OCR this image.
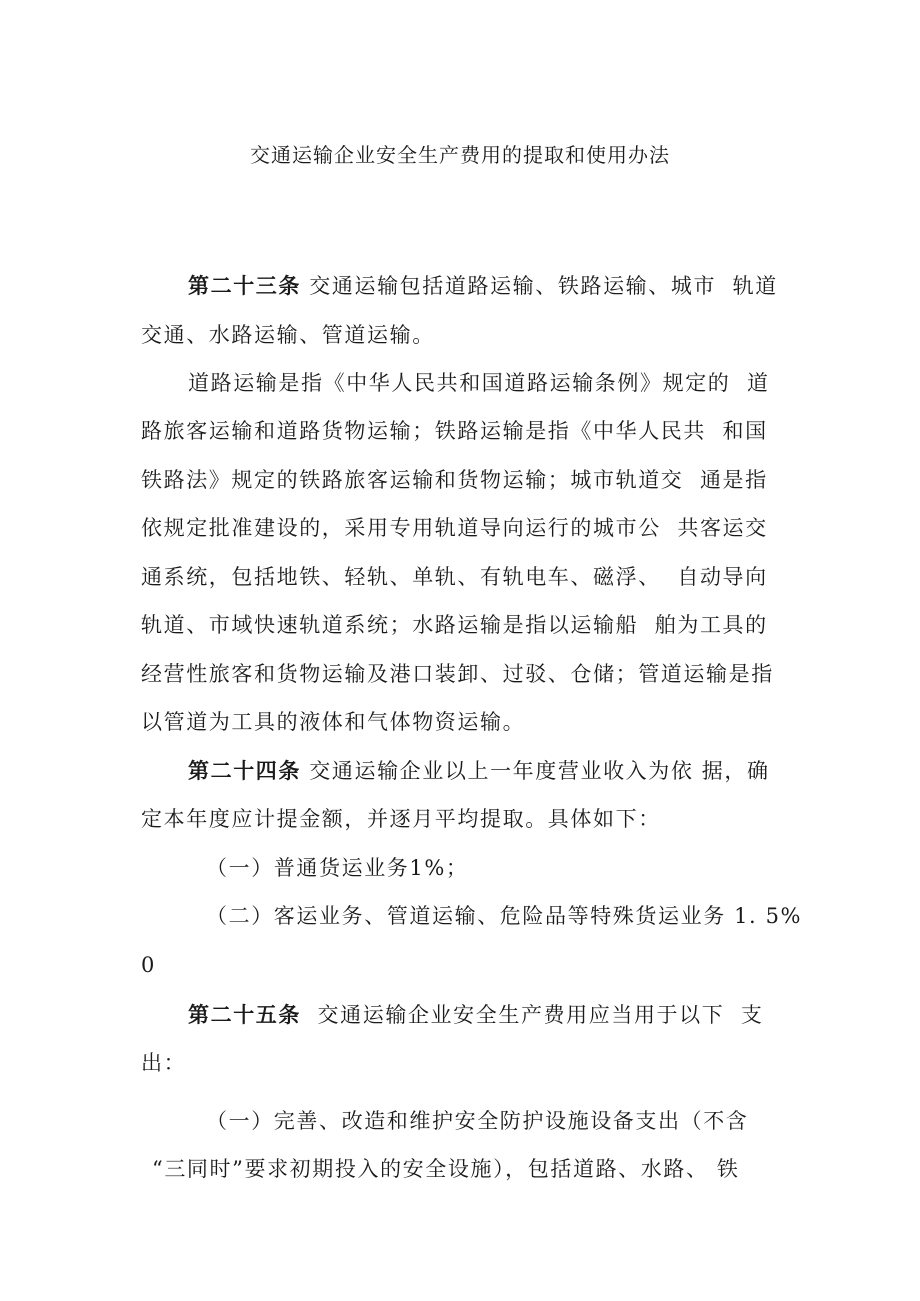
交通运输企业安全生产费用的提取和使用办法
第二十三条 交通运输包括道路运输、铁路运输、城市  轨道
交通、水路运输、管道运输。
道路运输是指《中华人民共和国道路运输条例》规定的  道
路旅客运输和道路货物运输；铁路运输是指《中华人民共  和国
铁路法》规定的铁路旅客运输和货物运输；城市轨道交  通是指
依规定批准建设的，采用专用轨道导向运行的城市公  共客运交
通系统，包括地铁、轻轨、单轨、有轨电车、磁浮、  自动导向
轨道、市域快速轨道系统；水路运输是指以运输船  舶为工具的
经营性旅客和货物运输及港口装卸、过驳、仓储；管道运输是指
以管道为工具的液体和气体物资运输。
第二十四条 交通运输企业以上一年度营业收入为依 据，确
定本年度应计提金额，并逐月平均提取。具体如下：
（一）普通货运业务1%；
（二）客运业务、管道运输、危险品等特殊货运业务 1. 5%
0
第二十五条  交通运输企业安全生产费用应当用于以下  支
出：
（一）完善、改造和维护安全防护设施设备支出（不含
“三同时”要求初期投入的安全设施），包括道路、水路、 铁
